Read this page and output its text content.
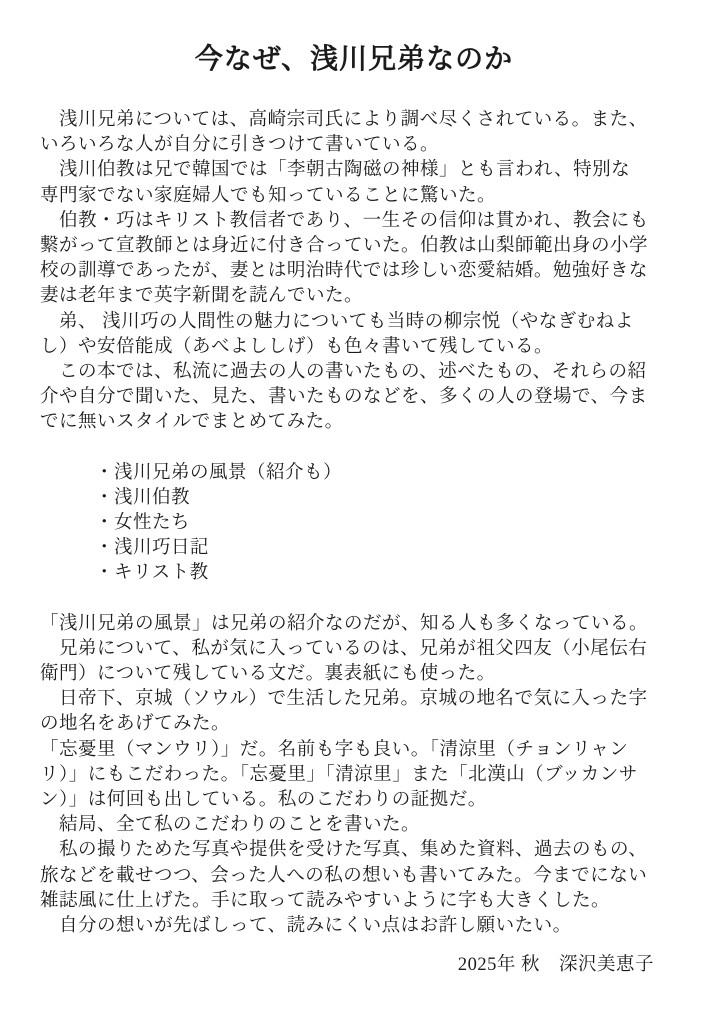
今なぜ、浅川兄弟なのか

　浅川兄弟については、高崎宗司氏により調べ尽くされている。また、
いろいろな人が自分に引きつけて書いている。

　浅川伯教は兄で韓国では「李朝古陶磁の神様」とも言われ、特別な
専門家でない家庭婦人でも知っていることに驚いた。

　伯教・巧はキリスト教信者であり、一生その信仰は貫かれ、教会にも
繋がって宣教師とは身近に付き合っていた。伯教は山梨師範出身の小学
校の訓導であったが、妻とは明治時代では珍しい恋愛結婚。勉強好きな
妻は老年まで英字新聞を読んでいた。

　弟、 浅川巧の人間性の魅力についても当時の柳宗悦（やなぎむねよ
し）や安倍能成（あべよししげ）も色々書いて残している。

　この本では、私流に過去の人の書いたもの、述べたもの、それらの紹
介や自分で聞いた、見た、書いたものなどを、多くの人の登場で、今ま
でに無いスタイルでまとめてみた。

・浅川兄弟の風景（紹介も）
・浅川伯教
・女性たち
・浅川巧日記
・キリスト教

「浅川兄弟の風景」は兄弟の紹介なのだが、知る人も多くなっている。

　兄弟について、私が気に入っているのは、兄弟が祖父四友（小尾伝右
衛門）について残している文だ。裏表紙にも使った。

　日帝下、京城（ソウル）で生活した兄弟。京城の地名で気に入った字
の地名をあげてみた。

「忘憂里（マンウリ）」だ。名前も字も良い。「清涼里（チョンリャン
リ）」にもこだわった。「忘憂里」「清涼里」また「北漢山（ブッカンサ
ン）」は何回も出している。私のこだわりの証拠だ。

　結局、全て私のこだわりのことを書いた。

　私の撮りためた写真や提供を受けた写真、集めた資料、過去のもの、
旅などを載せつつ、会った人への私の想いも書いてみた。今までにない
雑誌風に仕上げた。手に取って読みやすいように字も大きくした。

　自分の想いが先ばしって、読みにくい点はお許し願いたい。

2025年 秋　深沢美恵子
